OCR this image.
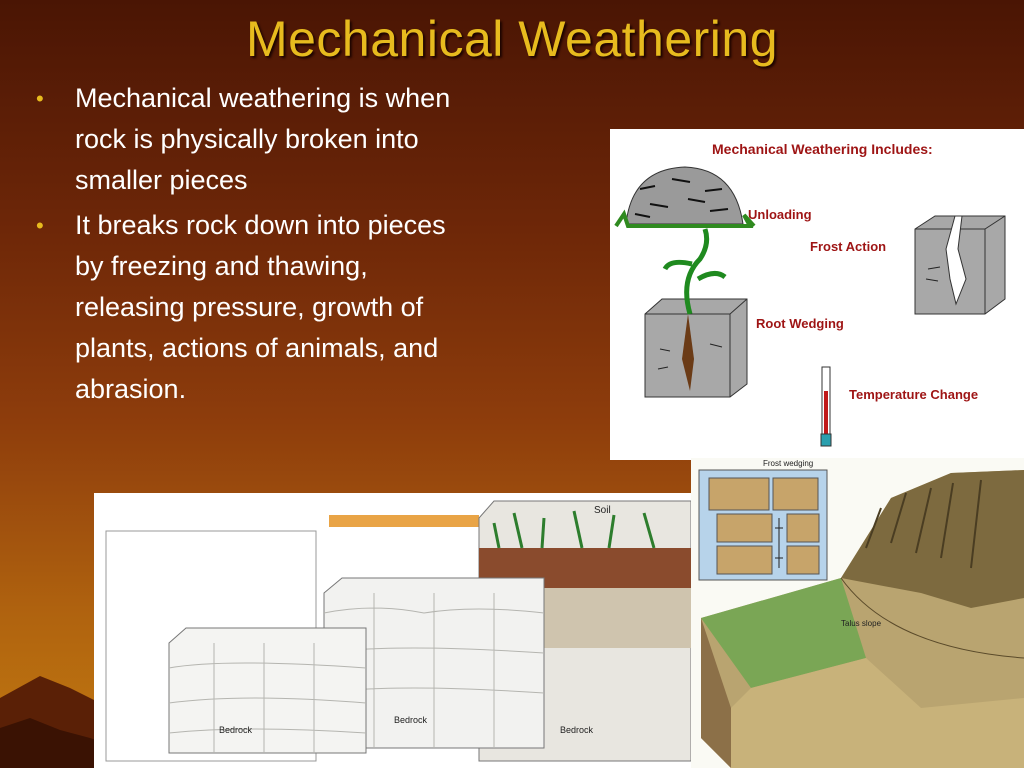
Mechanical Weathering
• Mechanical weathering is when rock is physically broken into smaller pieces
• It breaks rock down into pieces by freezing and thawing, releasing pressure, growth of plants, actions of animals, and abrasion.
Mechanical Weathering Includes:
Unloading
Frost Action
Root Wedging
Temperature Change
Frost wedging
Talus slope
Soil
Bedrock
Bedrock
Bedrock
